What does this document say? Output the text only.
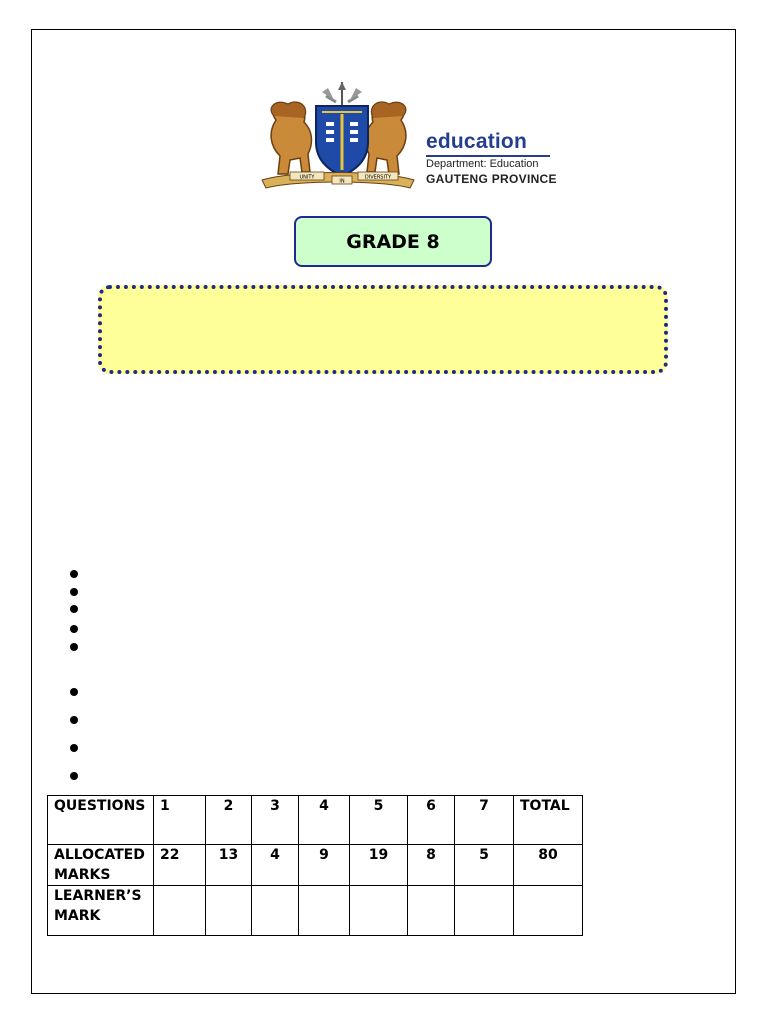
UNITY
IN
DIVERSITY
education
Department: Education
GAUTENG PROVINCE
GRADE 8
QUESTIONS	1	2	3	4	5	6	7	TOTAL
ALLOCATED MARKS	22	13	4	9	19	8	5	80
LEARNER’S MARK								
